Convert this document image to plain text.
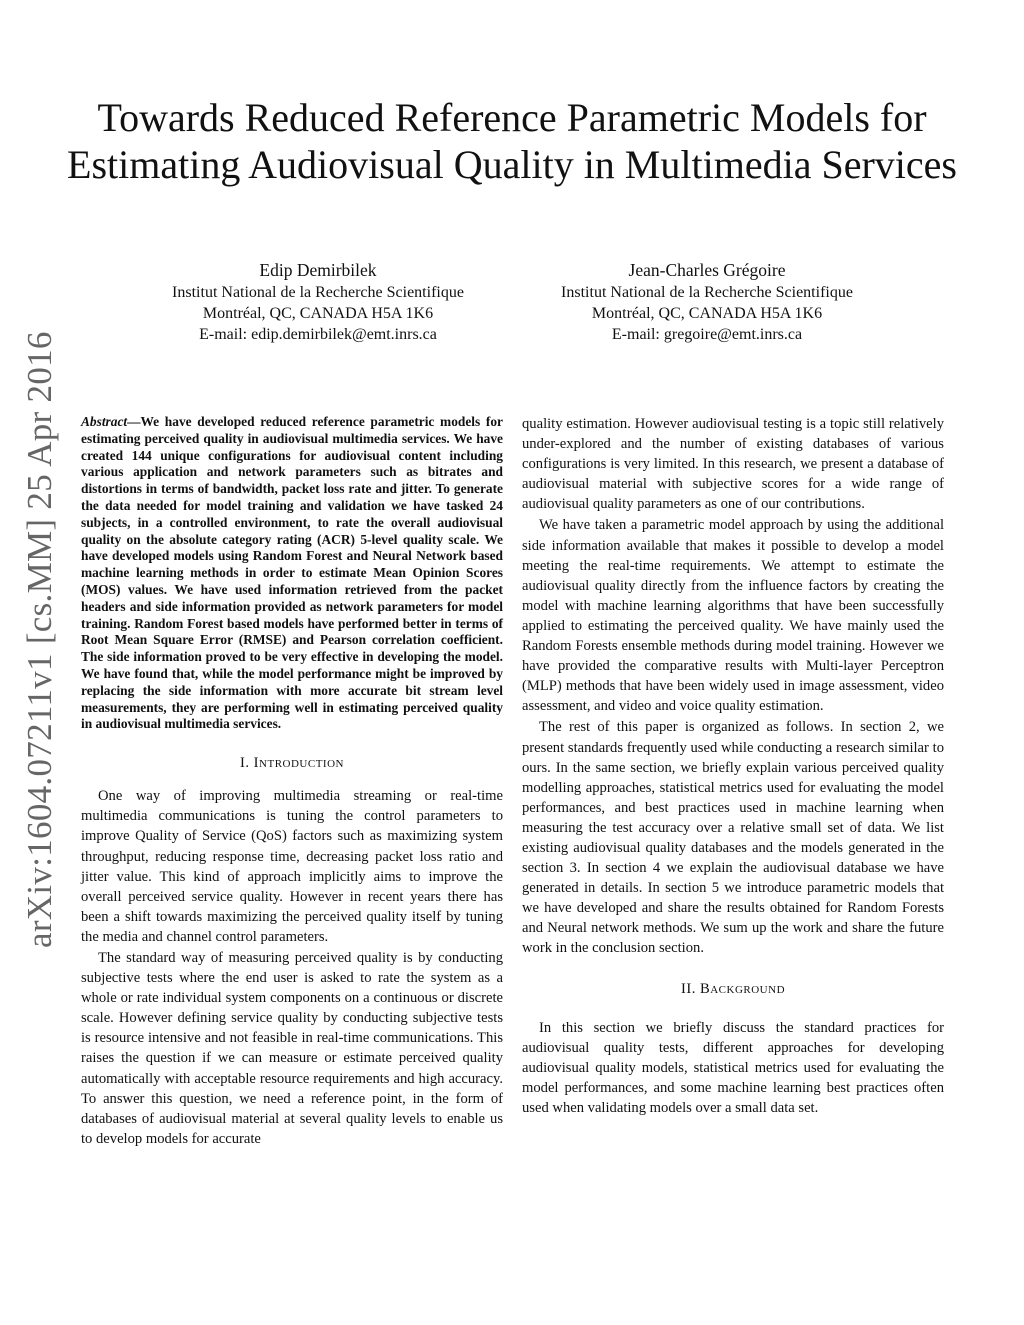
arXiv:1604.07211v1 [cs.MM] 25 Apr 2016
Towards Reduced Reference Parametric Models for Estimating Audiovisual Quality in Multimedia Services
Edip Demirbilek
Institut National de la Recherche Scientifique
Montréal, QC, CANADA H5A 1K6
E-mail: edip.demirbilek@emt.inrs.ca
Jean-Charles Grégoire
Institut National de la Recherche Scientifique
Montréal, QC, CANADA H5A 1K6
E-mail: gregoire@emt.inrs.ca
Abstract—We have developed reduced reference parametric models for estimating perceived quality in audiovisual multimedia services. We have created 144 unique configurations for audiovisual content including various application and network parameters such as bitrates and distortions in terms of bandwidth, packet loss rate and jitter. To generate the data needed for model training and validation we have tasked 24 subjects, in a controlled environment, to rate the overall audiovisual quality on the absolute category rating (ACR) 5-level quality scale. We have developed models using Random Forest and Neural Network based machine learning methods in order to estimate Mean Opinion Scores (MOS) values. We have used information retrieved from the packet headers and side information provided as network parameters for model training. Random Forest based models have performed better in terms of Root Mean Square Error (RMSE) and Pearson correlation coefficient. The side information proved to be very effective in developing the model. We have found that, while the model performance might be improved by replacing the side information with more accurate bit stream level measurements, they are performing well in estimating perceived quality in audiovisual multimedia services.
I. INTRODUCTION

One way of improving multimedia streaming or real-time multimedia communications is tuning the control parameters to improve Quality of Service (QoS) factors such as maximizing system throughput, reducing response time, decreasing packet loss ratio and jitter value. This kind of approach implicitly aims to improve the overall perceived service quality. However in recent years there has been a shift towards maximizing the perceived quality itself by tuning the media and channel control parameters.

The standard way of measuring perceived quality is by conducting subjective tests where the end user is asked to rate the system as a whole or rate individual system components on a continuous or discrete scale. However defining service quality by conducting subjective tests is resource intensive and not feasible in real-time communications. This raises the question if we can measure or estimate perceived quality automatically with acceptable resource requirements and high accuracy. To answer this question, we need a reference point, in the form of databases of audiovisual material at several quality levels to enable us to develop models for accurate

quality estimation. However audiovisual testing is a topic still relatively under-explored and the number of existing databases of various configurations is very limited. In this research, we present a database of audiovisual material with subjective scores for a wide range of audiovisual quality parameters as one of our contributions.

We have taken a parametric model approach by using the additional side information available that makes it possible to develop a model meeting the real-time requirements. We attempt to estimate the audiovisual quality directly from the influence factors by creating the model with machine learning algorithms that have been successfully applied to estimating the perceived quality. We have mainly used the Random Forests ensemble methods during model training. However we have provided the comparative results with Multi-layer Perceptron (MLP) methods that have been widely used in image assessment, video assessment, and video and voice quality estimation.

The rest of this paper is organized as follows. In section 2, we present standards frequently used while conducting a research similar to ours. In the same section, we briefly explain various perceived quality modelling approaches, statistical metrics used for evaluating the model performances, and best practices used in machine learning when measuring the test accuracy over a relative small set of data. We list existing audiovisual quality databases and the models generated in the section 3. In section 4 we explain the audiovisual database we have generated in details. In section 5 we introduce parametric models that we have developed and share the results obtained for Random Forests and Neural network methods. We sum up the work and share the future work in the conclusion section.

II. BACKGROUND

In this section we briefly discuss the standard practices for audiovisual quality tests, different approaches for developing audiovisual quality models, statistical metrics used for evaluating the model performances, and some machine learning best practices often used when validating models over a small data set.
